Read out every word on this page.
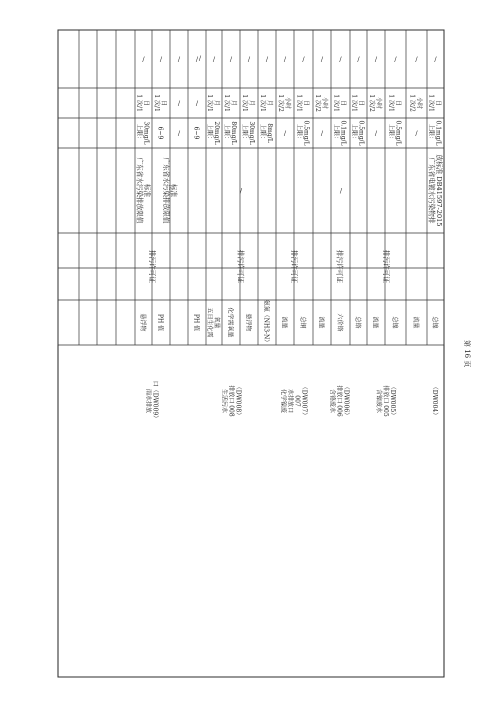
总镍
流量
总镍
流量
总铬
六价铬
流量
总铜
流量
氨氮（NH3-N）
悬浮物
化学需氧量
五日生化需 氧量
PH 值
PH 值
悬浮物
上限： 0.1mg/L
/
上限： 0.5mg/L
/
上限： 0.5mg/L
上限： 0.1mg/L
/
上限： 0.5mg/L
/
上限： 8mg/L
上限： 30mg/L
上限： 80mg/L
上限： 20mg/L
6~9
/
6~9
上限： 30mg/L
1 次/1 日
1 次/2 小时
1 次/1 日
1 次/2 小时
1 次/1 日
1 次/1 日
1 次/2 小时
1 次/1 日
1 次/2 小时
1 次/1 月
1 次/1 月
1 次/1 月
1 次/1 月
/
/
1 次/1 日
1 次/1 日
/
/
/
/
/
/
/
/
/
/
/
/
/
/
/
/
/	/
广东省电镀水污染物排 放标准 DB41597-2015
广东省水污染排放限值 标准
广东省水污染排放限值 标准	/
/
排污许可证
排污许可证
排污许可证
排污许可证
排污许可证
（DW004）
含镍废水 排放口 005 （DW005）
含铬废水 排放口 006 （DW006）
化学镍废 水排放口 007 （DW007）
生活污水 排放口 008 （DW008）
雨水排放 口（DW009）
第 16 页
